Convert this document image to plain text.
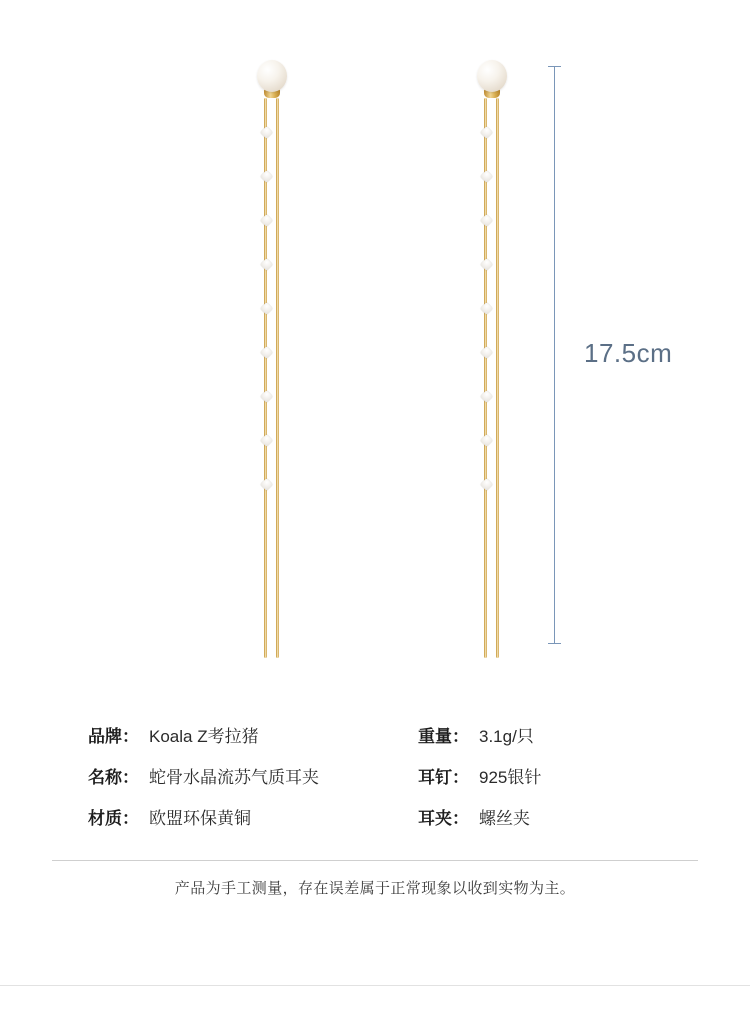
17.5cm
品牌： Koala Z考拉猪	重量： 3.1g/只
名称： 蛇骨水晶流苏气质耳夹	耳钉： 925银针
材质： 欧盟环保黄铜	耳夹： 螺丝夹
产品为手工测量，存在误差属于正常现象以收到实物为主。
